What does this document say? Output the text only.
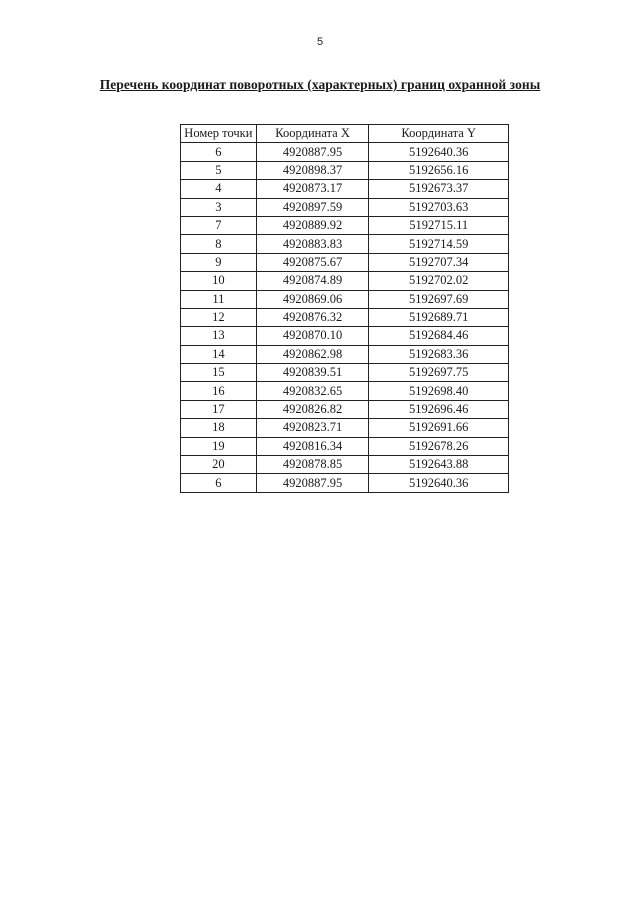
5
Перечень координат поворотных (характерных) границ охранной зоны
Номер точки	Координата X	Координата Y
6	4920887.95	5192640.36
5	4920898.37	5192656.16
4	4920873.17	5192673.37
3	4920897.59	5192703.63
7	4920889.92	5192715.11
8	4920883.83	5192714.59
9	4920875.67	5192707.34
10	4920874.89	5192702.02
11	4920869.06	5192697.69
12	4920876.32	5192689.71
13	4920870.10	5192684.46
14	4920862.98	5192683.36
15	4920839.51	5192697.75
16	4920832.65	5192698.40
17	4920826.82	5192696.46
18	4920823.71	5192691.66
19	4920816.34	5192678.26
20	4920878.85	5192643.88
6	4920887.95	5192640.36
